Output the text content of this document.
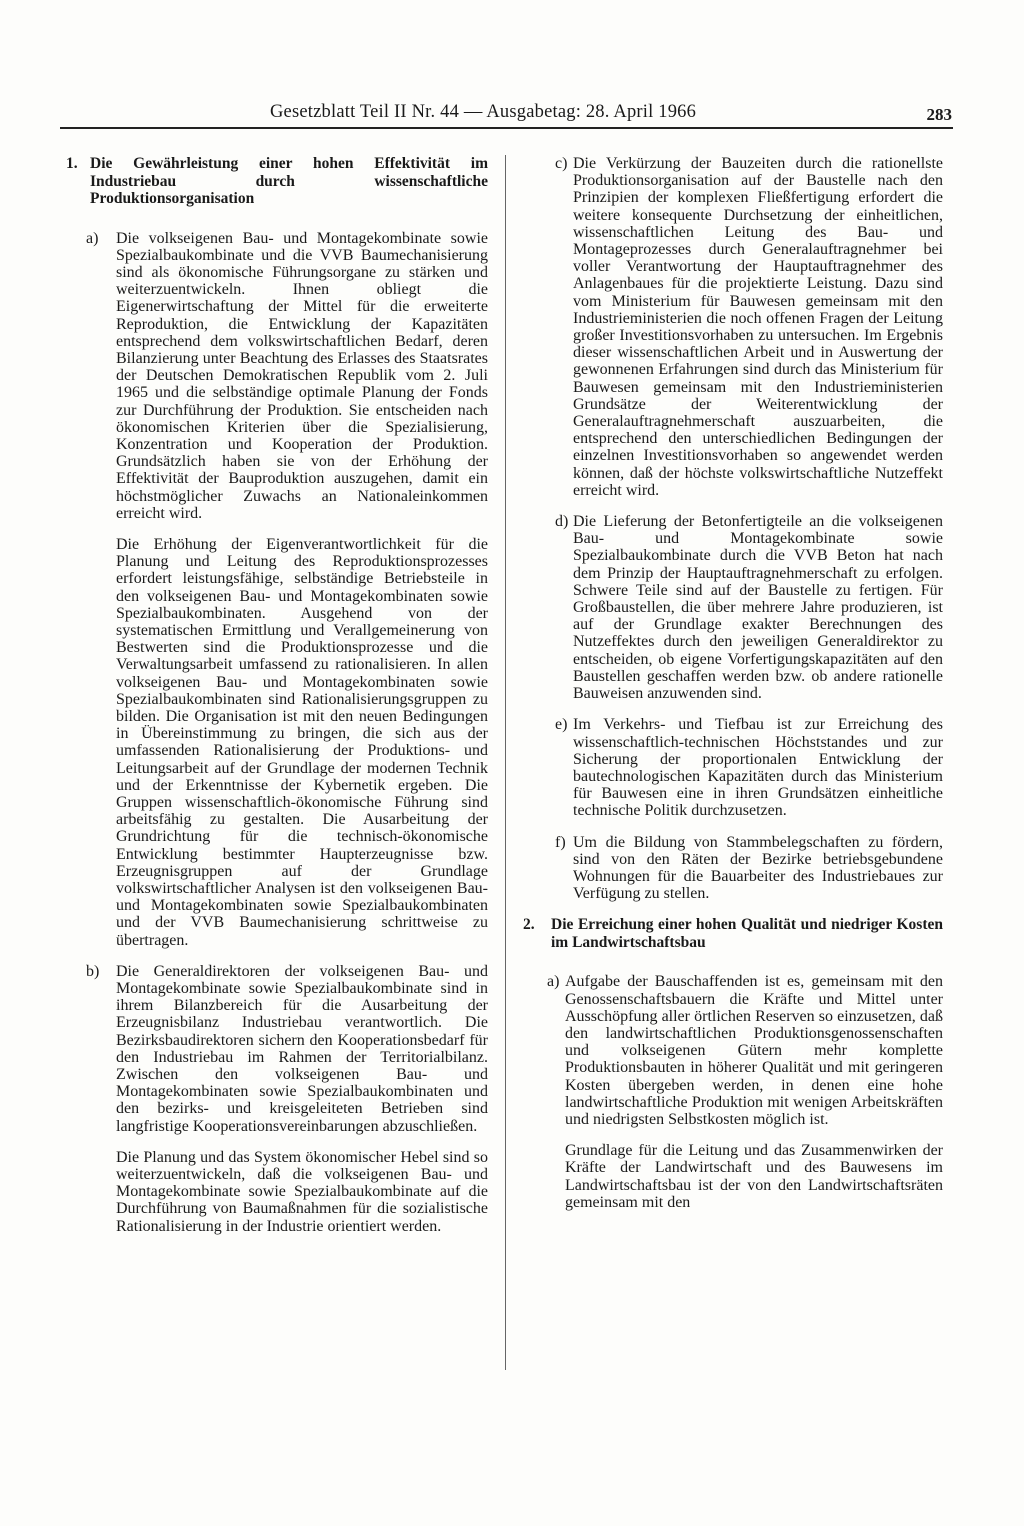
Gesetzblatt Teil II Nr. 44 — Ausgabetag: 28. April 1966	283
1. Die Gewährleistung einer hohen Effektivität im Industriebau durch wissenschaftliche Produktionsorganisation
a) Die volkseigenen Bau- und Montagekombinate sowie Spezialbaukombinate und die VVB Baumechanisierung sind als ökonomische Führungsorgane zu stärken und weiterzuentwickeln. Ihnen obliegt die Eigenerwirtschaftung der Mittel für die erweiterte Reproduktion, die Entwicklung der Kapazitäten entsprechend dem volkswirtschaftlichen Bedarf, deren Bilanzierung unter Beachtung des Erlasses des Staatsrates der Deutschen Demokratischen Republik vom 2. Juli 1965 und die selbständige optimale Planung der Fonds zur Durchführung der Produktion. Sie entscheiden nach ökonomischen Kriterien über die Spezialisierung, Konzentration und Kooperation der Produktion. Grundsätzlich haben sie von der Erhöhung der Effektivität der Bauproduktion auszugehen, damit ein höchstmöglicher Zuwachs an Nationaleinkommen erreicht wird.

Die Erhöhung der Eigenverantwortlichkeit für die Planung und Leitung des Reproduktionsprozesses erfordert leistungsfähige, selbständige Betriebsteile in den volkseigenen Bau- und Montagekombinaten sowie Spezialbaukombinaten. Ausgehend von der systematischen Ermittlung und Verallgemeinerung von Bestwerten sind die Produktionsprozesse und die Verwaltungsarbeit umfassend zu rationalisieren. In allen volkseigenen Bau- und Montagekombinaten sowie Spezialbaukombinaten sind Rationalisierungsgruppen zu bilden. Die Organisation ist mit den neuen Bedingungen in Übereinstimmung zu bringen, die sich aus der umfassenden Rationalisierung der Produktions- und Leitungsarbeit auf der Grundlage der modernen Technik und der Erkenntnisse der Kybernetik ergeben. Die Gruppen wissenschaftlich-ökonomische Führung sind arbeitsfähig zu gestalten. Die Ausarbeitung der Grundrichtung für die technisch-ökonomische Entwicklung bestimmter Haupterzeugnisse bzw. Erzeugnisgruppen auf der Grundlage volkswirtschaftlicher Analysen ist den volkseigenen Bau- und Montagekombinaten sowie Spezialbaukombinaten und der VVB Baumechanisierung schrittweise zu übertragen.

b) Die Generaldirektoren der volkseigenen Bau- und Montagekombinate sowie Spezialbaukombinate sind in ihrem Bilanzbereich für die Ausarbeitung der Erzeugnisbilanz Industriebau verantwortlich. Die Bezirksbaudirektoren sichern den Kooperationsbedarf für den Industriebau im Rahmen der Territorialbilanz. Zwischen den volkseigenen Bau- und Montagekombinaten sowie Spezialbaukombinaten und den bezirks- und kreisgeleiteten Betrieben sind langfristige Kooperationsvereinbarungen abzuschließen.

Die Planung und das System ökonomischer Hebel sind so weiterzuentwickeln, daß die volkseigenen Bau- und Montagekombinate sowie Spezialbaukombinate auf die Durchführung von Baumaßnahmen für die sozialistische Rationalisierung in der Industrie orientiert werden.

c) Die Verkürzung der Bauzeiten durch die rationellste Produktionsorganisation auf der Baustelle nach den Prinzipien der komplexen Fließfertigung erfordert die weitere konsequente Durchsetzung der einheitlichen, wissenschaftlichen Leitung des Bau- und Montageprozesses durch Generalauftragnehmer bei voller Verantwortung der Hauptauftragnehmer des Anlagenbaues für die projektierte Leistung. Dazu sind vom Ministerium für Bauwesen gemeinsam mit den Industrieministerien die noch offenen Fragen der Leitung großer Investitionsvorhaben zu untersuchen. Im Ergebnis dieser wissenschaftlichen Arbeit und in Auswertung der gewonnenen Erfahrungen sind durch das Ministerium für Bauwesen gemeinsam mit den Industrieministerien Grundsätze der Weiterentwicklung der Generalauftragnehmerschaft auszuarbeiten, die entsprechend den unterschiedlichen Bedingungen der einzelnen Investitionsvorhaben so angewendet werden können, daß der höchste volkswirtschaftliche Nutzeffekt erreicht wird.

d) Die Lieferung der Betonfertigteile an die volkseigenen Bau- und Montagekombinate sowie Spezialbaukombinate durch die VVB Beton hat nach dem Prinzip der Hauptauftragnehmerschaft zu erfolgen. Schwere Teile sind auf der Baustelle zu fertigen. Für Großbaustellen, die über mehrere Jahre produzieren, ist auf der Grundlage exakter Berechnungen des Nutzeffektes durch den jeweiligen Generaldirektor zu entscheiden, ob eigene Vorfertigungskapazitäten auf den Baustellen geschaffen werden bzw. ob andere rationelle Bauweisen anzuwenden sind.

e) Im Verkehrs- und Tiefbau ist zur Erreichung des wissenschaftlich-technischen Höchststandes und zur Sicherung der proportionalen Entwicklung der bautechnologischen Kapazitäten durch das Ministerium für Bauwesen eine in ihren Grundsätzen einheitliche technische Politik durchzusetzen.

f) Um die Bildung von Stammbelegschaften zu fördern, sind von den Räten der Bezirke betriebsgebundene Wohnungen für die Bauarbeiter des Industriebaues zur Verfügung zu stellen.

2. Die Erreichung einer hohen Qualität und niedriger Kosten im Landwirtschaftsbau
a) Aufgabe der Bauschaffenden ist es, gemeinsam mit den Genossenschaftsbauern die Kräfte und Mittel unter Ausschöpfung aller örtlichen Reserven so einzusetzen, daß den landwirtschaftlichen Produktionsgenossenschaften und volkseigenen Gütern mehr komplette Produktionsbauten in höherer Qualität und mit geringeren Kosten übergeben werden, in denen eine hohe landwirtschaftliche Produktion mit wenigen Arbeitskräften und niedrigsten Selbstkosten möglich ist.

Grundlage für die Leitung und das Zusammenwirken der Kräfte der Landwirtschaft und des Bauwesens im Landwirtschaftsbau ist der von den Landwirtschaftsräten gemeinsam mit den
